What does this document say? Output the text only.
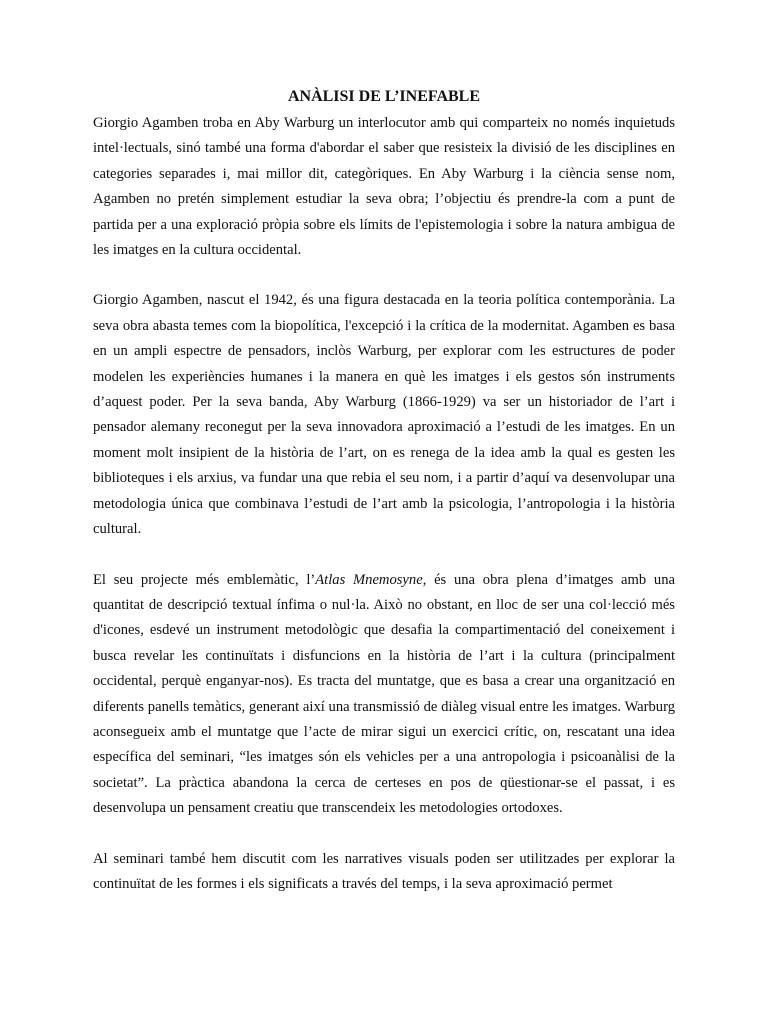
ANÀLISI DE L’INEFABLE

Giorgio Agamben troba en Aby Warburg un interlocutor amb qui comparteix no només inquietuds intel·lectuals, sinó també una forma d'abordar el saber que resisteix la divisió de les disciplines en categories separades i, mai millor dit, categòriques. En Aby Warburg i la ciència sense nom, Agamben no pretén simplement estudiar la seva obra; l’objectiu és prendre-la com a punt de partida per a una exploració pròpia sobre els límits de l'epistemologia i sobre la natura ambigua de les imatges en la cultura occidental.

Giorgio Agamben, nascut el 1942, és una figura destacada en la teoria política contemporània. La seva obra abasta temes com la biopolítica, l'excepció i la crítica de la modernitat. Agamben es basa en un ampli espectre de pensadors, inclòs Warburg, per explorar com les estructures de poder modelen les experiències humanes i la manera en què les imatges i els gestos són instruments d’aquest poder. Per la seva banda, Aby Warburg (1866-1929) va ser un historiador de l’art i pensador alemany reconegut per la seva innovadora aproximació a l’estudi de les imatges. En un moment molt insipient de la història de l’art, on es renega de la idea amb la qual es gesten les biblioteques i els arxius, va fundar una que rebia el seu nom, i a partir d’aquí va desenvolupar una metodologia única que combinava l’estudi de l’art amb la psicologia, l’antropologia i la història cultural.

El seu projecte més emblemàtic, l’Atlas Mnemosyne, és una obra plena d’imatges amb una quantitat de descripció textual ínfima o nul·la. Això no obstant, en lloc de ser una col·lecció més d'icones, esdevé un instrument metodològic que desafia la compartimentació del coneixement i busca revelar les continuïtats i disfuncions en la història de l’art i la cultura (principalment occidental, perquè enganyar-nos). Es tracta del muntatge, que es basa a crear una organització en diferents panells temàtics, generant així una transmissió de diàleg visual entre les imatges. Warburg aconsegueix amb el muntatge que l’acte de mirar sigui un exercici crític, on, rescatant una idea específica del seminari, “les imatges són els vehicles per a una antropologia i psicoanàlisi de la societat”. La pràctica abandona la cerca de certeses en pos de qüestionar-se el passat, i es desenvolupa un pensament creatiu que transcendeix les metodologies ortodoxes.

Al seminari també hem discutit com les narratives visuals poden ser utilitzades per explorar la continuïtat de les formes i els significats a través del temps, i la seva aproximació permet
